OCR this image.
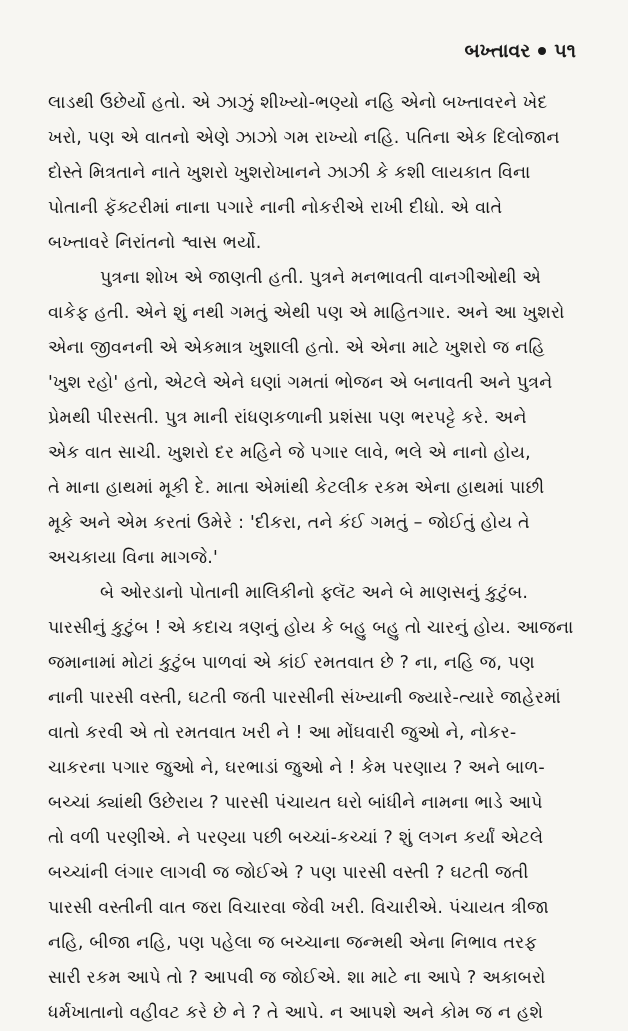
બખ્તાવર ૫૧
લાડથી ઉછેર્યો હતો. એ ઝાઝું શીખ્યો-ભણ્યો નહિ એનો બખ્તાવરને ખેદ
ખરો, પણ એ વાતનો એણે ઝાઝો ગમ રાખ્યો નહિ. પતિના એક દિલોજાન
દોસ્તે મિત્રતાને નાતે ખુશરો ખુશરોખાનને ઝાઝી કે કશી લાયકાત વિના
પોતાની ફૅક્ટરીમાં નાના પગારે નાની નોકરીએ રાખી દીધો. એ વાતે
બખ્તાવરે નિરાંતનો શ્વાસ ભર્યો.
પુત્રના શોખ એ જાણતી હતી. પુત્રને મનભાવતી વાનગીઓથી એ
વાકેફ હતી. એને શું નથી ગમતું એથી પણ એ માહિતગાર. અને આ ખુશરો
એના જીવનની એ એકમાત્ર ખુશાલી હતો. એ એના માટે ખુશરો જ નહિ
'ખુશ રહો' હતો, એટલે એને ઘણાં ગમતાં ભોજન એ બનાવતી અને પુત્રને
પ્રેમથી પીરસતી. પુત્ર માની રાંધણકળાની પ્રશંસા પણ ભરપટ્ટે કરે. અને
એક વાત સાચી. ખુશરો દર મહિને જે પગાર લાવે, ભલે એ નાનો હોય,
તે માના હાથમાં મૂકી દે. માતા એમાંથી કેટલીક રકમ એના હાથમાં પાછી
મૂકે અને એમ કરતાં ઉમેરે : 'દીકરા, તને કંઈ ગમતું – જોઈતું હોય તે
અચકાયા વિના માગજે.'
બે ઓરડાનો પોતાની માલિકીનો ફ્લૅટ અને બે માણસનું કુટુંબ.
પારસીનું કુટુંબ ! એ કદાચ ત્રણનું હોય કે બહુ બહુ તો ચારનું હોય. આજના
જમાનામાં મોટાં કુટુંબ પાળવાં એ કાંઈ રમતવાત છે ? ના, નહિ જ, પણ
નાની પારસી વસ્તી, ઘટતી જતી પારસીની સંખ્યાની જ્યારે-ત્યારે જાહેરમાં
વાતો કરવી એ તો રમતવાત ખરી ને ! આ મોંઘવારી જુઓ ને, નોકર-
ચાકરના પગાર જુઓ ને, ઘરભાડાં જુઓ ને ! કેમ પરણાય ? અને બાળ-
બચ્ચાં ક્યાંથી ઉછેરાય ? પારસી પંચાયત ઘરો બાંધીને નામના ભાડે આપે
તો વળી પરણીએ. ને પરણ્યા પછી બચ્ચાં-કચ્ચાં ? શું લગન કર્યાં એટલે
બચ્ચાંની લંગાર લાગવી જ જોઈએ ? પણ પારસી વસ્તી ? ઘટતી જતી
પારસી વસ્તીની વાત જરા વિચારવા જેવી ખરી. વિચારીએ. પંચાયત ત્રીજા
નહિ, બીજા નહિ, પણ પહેલા જ બચ્ચાના જન્મથી એના નિભાવ તરફ
સારી રકમ આપે તો ? આપવી જ જોઈએ. શા માટે ના આપે ? અકાબરો
ધર્મખાતાનો વહીવટ કરે છે ને ? તે આપે. ન આપશે અને કોમ જ ન હશે
